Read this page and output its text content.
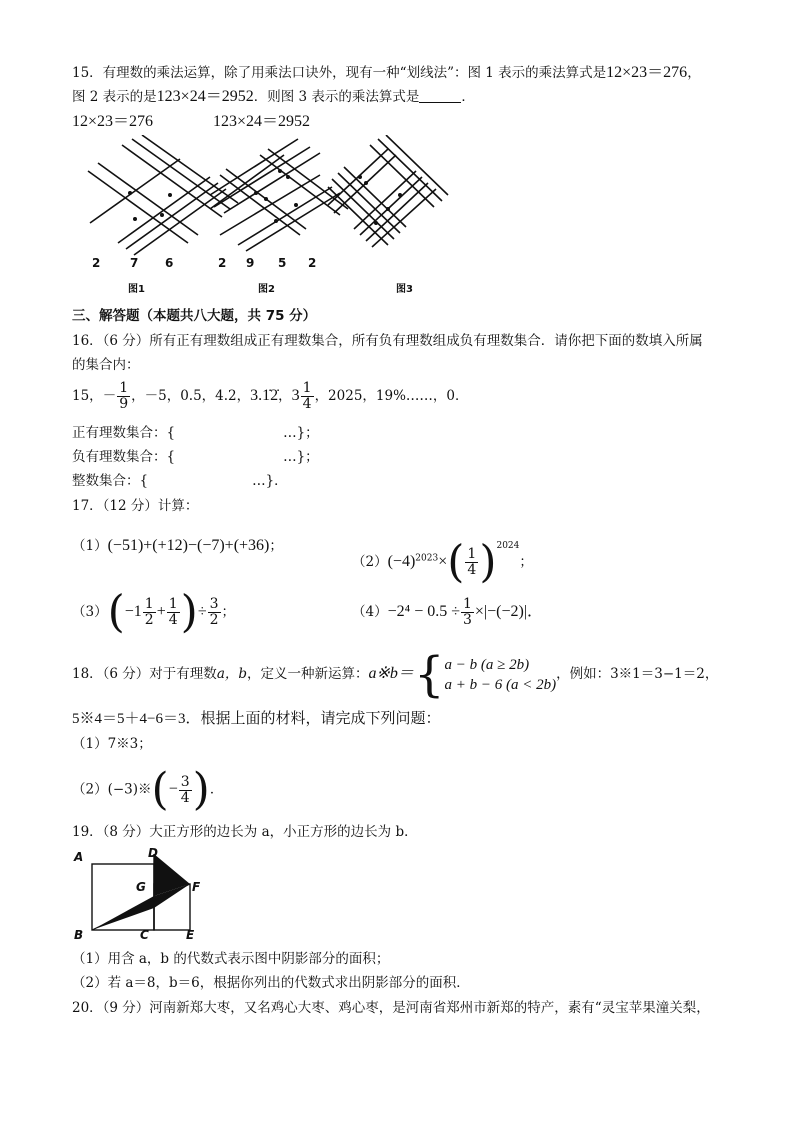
15．有理数的乘法运算，除了用乘法口诀外，现有一种“划线法”：图 1 表示的乘法算式是12×23＝276，
图 2 表示的是123×24＝2952．则图 3 表示的乘法算式是	．
12×23＝276	123×24＝2952
2 7 6	2 9 5 2
图1	图2	图3
三、解答题（本题共八大题，共 75 分）
16．（6 分）所有正有理数组成正有理数集合，所有负有理数组成负有理数集合．请你把下面的数填入所属
的集合内：
15，－ $\frac{1}{9}$ ，－5，0.5，4.2，3.1̇2̇，$3 \frac{1}{4}$ ，2025，19%……，0．
正有理数集合：{	…}；
负有理数集合：{	…}；
整数集合：{	…}．
17．（12 分）计算：
（1）(−51)+(+12)−(−7)+(+36)；
$(2)(-4)^{2023}\times( \frac{1}{4} )^{2024}$；
$(3)(-1 \frac{1}{2} + \frac{1}{4}$ )÷ $\frac{3}{2}$ ；	$(4)-2^4 - 0.5 \div \frac{1}{3} \times|-(-2)|$．
18．（6 分）对于有理数a，b，定义一种新运算：a※b＝{ a − b (a ≥ 2b)
a + b − 6 (a < 2b)
，例如：3※1＝3−1＝2，
5※4＝5＋4−6＝3．根据上面的材料，请完成下列问题：
（1）7※3；
（2）(−3)※(− $\frac{3}{4}$ )．
19．（8 分）大正方形的边长为 a，小正方形的边长为 b．
A	D
G	F
B	C	E
（1）用含 a，b 的代数式表示图中阴影部分的面积；
（2）若 a＝8，b＝6，根据你列出的代数式求出阴影部分的面积．
20．（9 分）河南新郑大枣，又名鸡心大枣、鸡心枣，是河南省郑州市新郑的特产，素有“灵宝苹果潼关梨，
